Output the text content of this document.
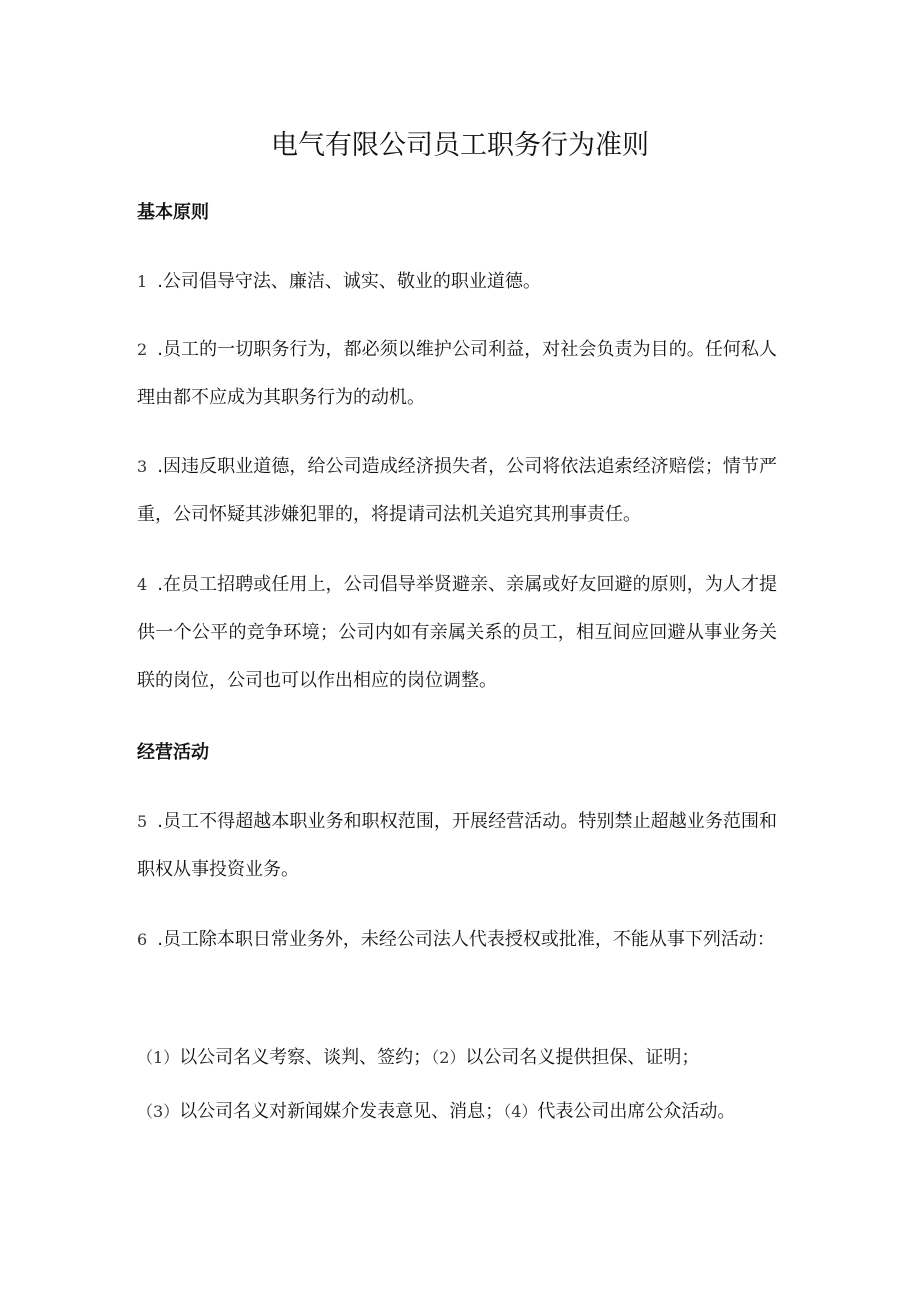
电气有限公司员工职务行为准则
基本原则

1 .公司倡导守法、廉洁、诚实、敬业的职业道德。

2 .员工的一切职务行为，都必须以维护公司利益，对社会负责为目的。任何私人理由都不应成为其职务行为的动机。

3 .因违反职业道德，给公司造成经济损失者，公司将依法追索经济赔偿；情节严重，公司怀疑其涉嫌犯罪的，将提请司法机关追究其刑事责任。

4 .在员工招聘或任用上，公司倡导举贤避亲、亲属或好友回避的原则，为人才提供一个公平的竞争环境；公司内如有亲属关系的员工，相互间应回避从事业务关联的岗位，公司也可以作出相应的岗位调整。

经营活动

5 .员工不得超越本职业务和职权范围，开展经营活动。特别禁止超越业务范围和职权从事投资业务。

6 .员工除本职日常业务外，未经公司法人代表授权或批准，不能从事下列活动：

（1）以公司名义考察、谈判、签约；（2）以公司名义提供担保、证明；

（3）以公司名义对新闻媒介发表意见、消息；（4）代表公司出席公众活动。
